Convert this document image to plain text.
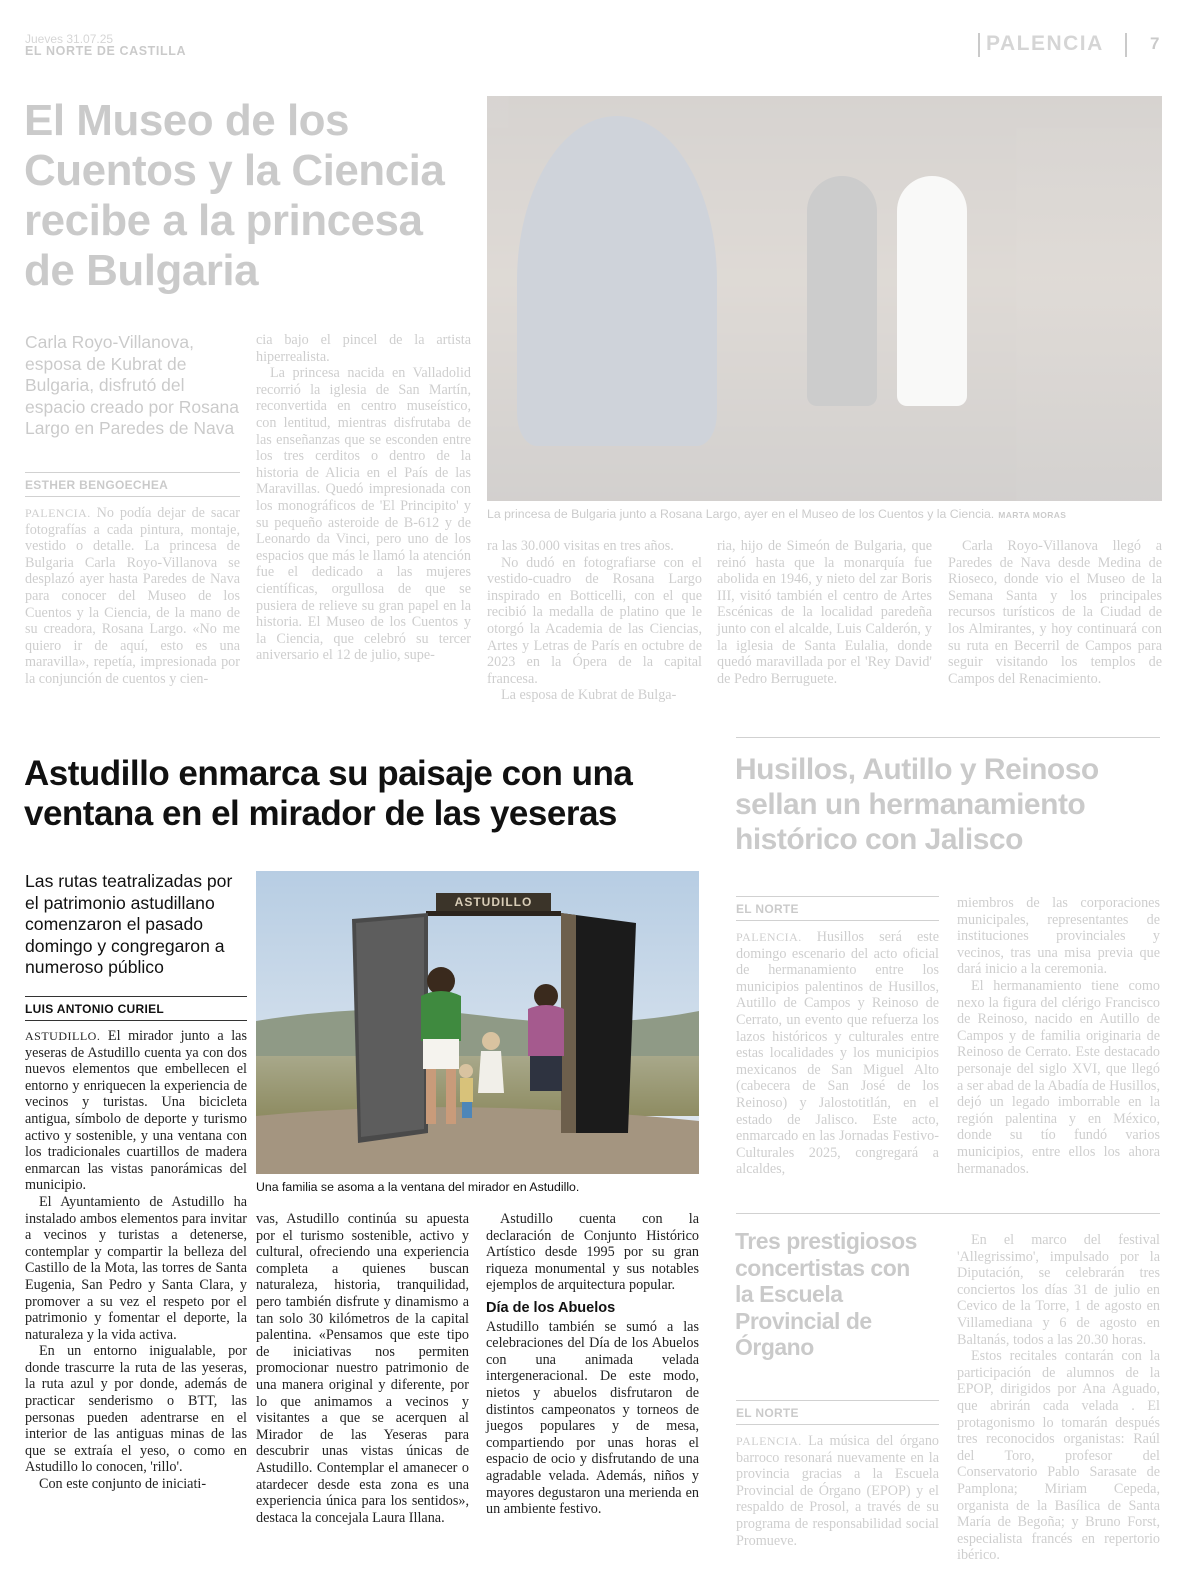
Jueves 31.07.25
EL NORTE DE CASTILLA	PALENCIA	7
El Museo de los Cuentos y la Ciencia recibe a la princesa de Bulgaria
Carla Royo-Villanova, esposa de Kubrat de Bulgaria, disfrutó del espacio creado por Rosana Largo en Paredes de Nava
ESTHER BENGOECHEA
PALENCIA. No podía dejar de sacar fotografías a cada pintura, montaje, vestido o detalle. La princesa de Bulgaria Carla Royo-Villanova se desplazó ayer hasta Paredes de Nava para conocer del Museo de los Cuentos y la Ciencia, de la mano de su creadora, Rosana Largo. «No me quiero ir de aquí, esto es una maravilla», repetía, impresionada por la conjunción de cuentos y cien-

cia bajo el pincel de la artista hiperrealista.

La princesa nacida en Valladolid recorrió la iglesia de San Martín, reconvertida en centro museístico, con lentitud, mientras disfrutaba de las enseñanzas que se esconden entre los tres cerditos o dentro de la historia de Alicia en el País de las Maravillas. Quedó impresionada con los monográficos de 'El Principito' y su pequeño asteroide de B-612 y de Leonardo da Vinci, pero uno de los espacios que más le llamó la atención fue el dedicado a las mujeres científicas, orgullosa de que se pusiera de relieve su gran papel en la historia. El Museo de los Cuentos y la Ciencia, que celebró su tercer aniversario el 12 de julio, supe-

La princesa de Bulgaria junto a Rosana Largo, ayer en el Museo de los Cuentos y la Ciencia. MARTA MORAS

ra las 30.000 visitas en tres años.

No dudó en fotografiarse con el vestido-cuadro de Rosana Largo inspirado en Botticelli, con el que recibió la medalla de platino que le otorgó la Academia de las Ciencias, Artes y Letras de París en octubre de 2023 en la Ópera de la capital francesa.

La esposa de Kubrat de Bulga-

ria, hijo de Simeón de Bulgaria, que reinó hasta que la monarquía fue abolida en 1946, y nieto del zar Boris III, visitó también el centro de Artes Escénicas de la localidad paredeña junto con el alcalde, Luis Calderón, y la iglesia de Santa Eulalia, donde quedó maravillada por el 'Rey David' de Pedro Berruguete.

Carla Royo-Villanova llegó a Paredes de Nava desde Medina de Rioseco, donde vio el Museo de la Semana Santa y los principales recursos turísticos de la Ciudad de los Almirantes, y hoy continuará con su ruta en Becerril de Campos para seguir visitando los templos de Campos del Renacimiento.

Husillos, Autillo y Reinoso sellan un hermanamiento histórico con Jalisco
EL NORTE
PALENCIA. Husillos será este domingo escenario del acto oficial de hermanamiento entre los municipios palentinos de Husillos, Autillo de Campos y Reinoso de Cerrato, un evento que refuerza los lazos históricos y culturales entre estas localidades y los municipios mexicanos de San Miguel Alto (cabecera de San José de los Reinoso) y Jalostotitlán, en el estado de Jalisco. Este acto, enmarcado en las Jornadas Festivo-Culturales 2025, congregará a alcaldes,

miembros de las corporaciones municipales, representantes de instituciones provinciales y vecinos, tras una misa previa que dará inicio a la ceremonia.

El hermanamiento tiene como nexo la figura del clérigo Francisco de Reinoso, nacido en Autillo de Campos y de familia originaria de Reinoso de Cerrato. Este destacado personaje del siglo XVI, que llegó a ser abad de la Abadía de Husillos, dejó un legado imborrable en la región palentina y en México, donde su tío fundó varios municipios, entre ellos los ahora hermanados.

Tres prestigiosos concertistas con la Escuela Provincial de Órgano
EL NORTE
PALENCIA. La música del órgano barroco resonará nuevamente en la provincia gracias a la Escuela Provincial de Órgano (EPOP) y el respaldo de Prosol, a través de su programa de responsabilidad social Promueve.

En el marco del festival 'Allegrissimo', impulsado por la Diputación, se celebrarán tres conciertos los días 31 de julio en Cevico de la Torre, 1 de agosto en Villamediana y 6 de agosto en Baltanás, todos a las 20.30 horas.

Estos recitales contarán con la participación de alumnos de la EPOP, dirigidos por Ana Aguado, que abrirán cada velada . El protagonismo lo tomarán después tres reconocidos organistas: Raúl del Toro, profesor del Conservatorio Pablo Sarasate de Pamplona; Miriam Cepeda, organista de la Basílica de Santa María de Begoña; y Bruno Forst, especialista francés en repertorio ibérico.

Astudillo enmarca su paisaje con una ventana en el mirador de las yeseras
Las rutas teatralizadas por el patrimonio astudillano comenzaron el pasado domingo y congregaron a numeroso público
LUIS ANTONIO CURIEL
ASTUDILLO
Una familia se asoma a la ventana del mirador en Astudillo.

ASTUDILLO. El mirador junto a las yeseras de Astudillo cuenta ya con dos nuevos elementos que embellecen el entorno y enriquecen la experiencia de vecinos y turistas. Una bicicleta antigua, símbolo de deporte y turismo activo y sostenible, y una ventana con los tradicionales cuartillos de madera enmarcan las vistas panorámicas del municipio.

El Ayuntamiento de Astudillo ha instalado ambos elementos para invitar a vecinos y turistas a detenerse, contemplar y compartir la belleza del Castillo de la Mota, las torres de Santa Eugenia, San Pedro y Santa Clara, y promover a su vez el respeto por el patrimonio y fomentar el deporte, la naturaleza y la vida activa.

En un entorno inigualable, por donde trascurre la ruta de las yeseras, la ruta azul y por donde, además de practicar senderismo o BTT, las personas pueden adentrarse en el interior de las antiguas minas de las que se extraía el yeso, o como en Astudillo lo conocen, 'rillo'.

Con este conjunto de iniciati-

vas, Astudillo continúa su apuesta por el turismo sostenible, activo y cultural, ofreciendo una experiencia completa a quienes buscan naturaleza, historia, tranquilidad, pero también disfrute y dinamismo a tan solo 30 kilómetros de la capital palentina. «Pensamos que este tipo de iniciativas nos permiten promocionar nuestro patrimonio de una manera original y diferente, por lo que animamos a vecinos y visitantes a que se acerquen al Mirador de las Yeseras para descubrir unas vistas únicas de Astudillo. Contemplar el amanecer o atardecer desde esta zona es una experiencia única para los sentidos», destaca la concejala Laura Illana.

Astudillo cuenta con la declaración de Conjunto Histórico Artístico desde 1995 por su gran riqueza monumental y sus notables ejemplos de arquitectura popular.

Día de los Abuelos

Astudillo también se sumó a las celebraciones del Día de los Abuelos con una animada velada intergeneracional. De este modo, nietos y abuelos disfrutaron de distintos campeonatos y torneos de juegos populares y de mesa, compartiendo por unas horas el espacio de ocio y disfrutando de una agradable velada. Además, niños y mayores degustaron una merienda en un ambiente festivo.
